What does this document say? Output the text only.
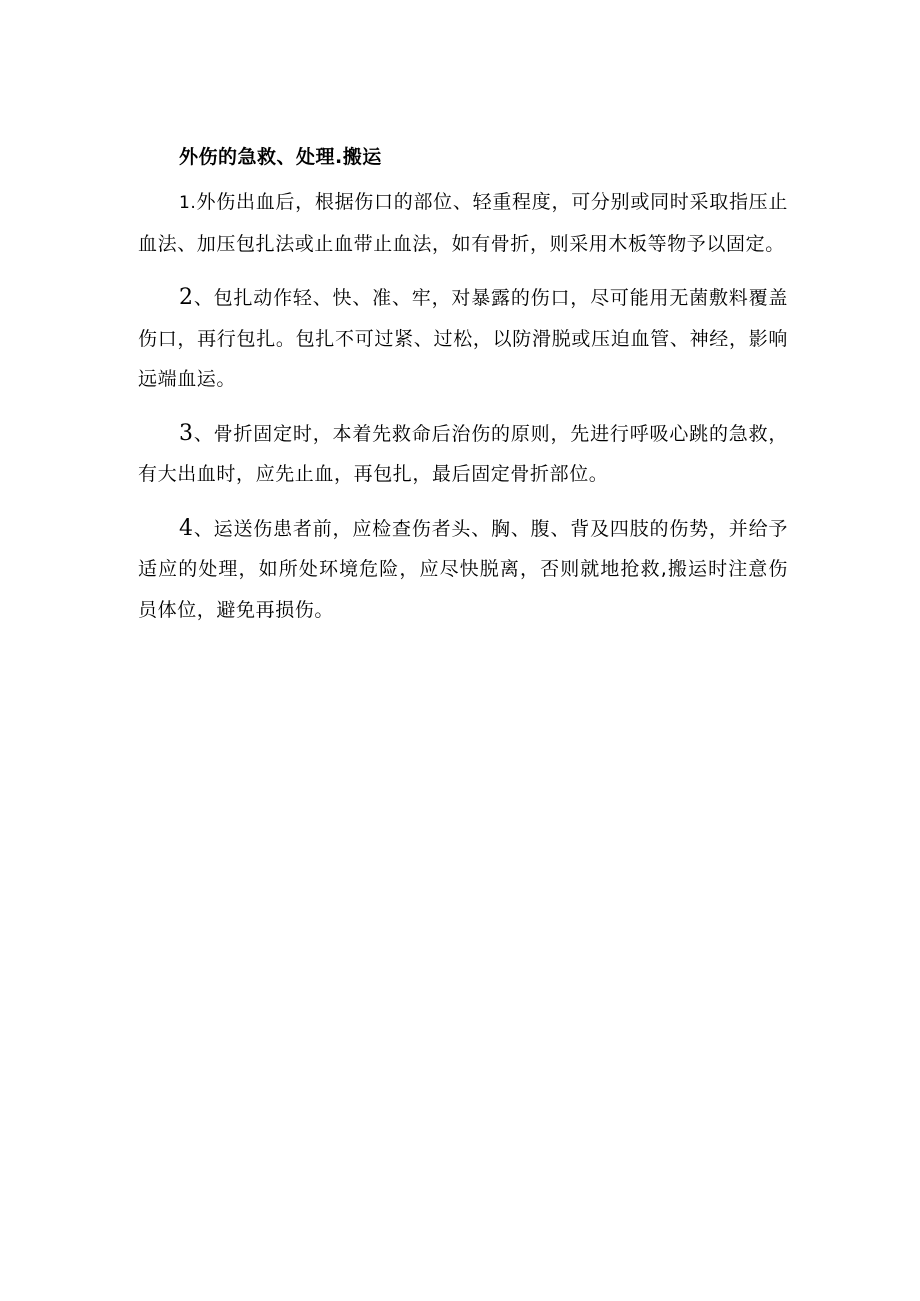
外伤的急救、处理.搬运

1.外伤出血后，根据伤口的部位、轻重程度，可分别或同时采取指压止血法、加压包扎法或止血带止血法，如有骨折，则采用木板等物予以固定。

2、包扎动作轻、快、准、牢，对暴露的伤口，尽可能用无菌敷料覆盖伤口，再行包扎。包扎不可过紧、过松，以防滑脱或压迫血管、神经，影响远端血运。

3、骨折固定时，本着先救命后治伤的原则，先进行呼吸心跳的急救，有大出血时，应先止血，再包扎，最后固定骨折部位。

4、运送伤患者前，应检查伤者头、胸、腹、背及四肢的伤势，并给予适应的处理，如所处环境危险，应尽快脱离，否则就地抢救,搬运时注意伤员体位，避免再损伤。
